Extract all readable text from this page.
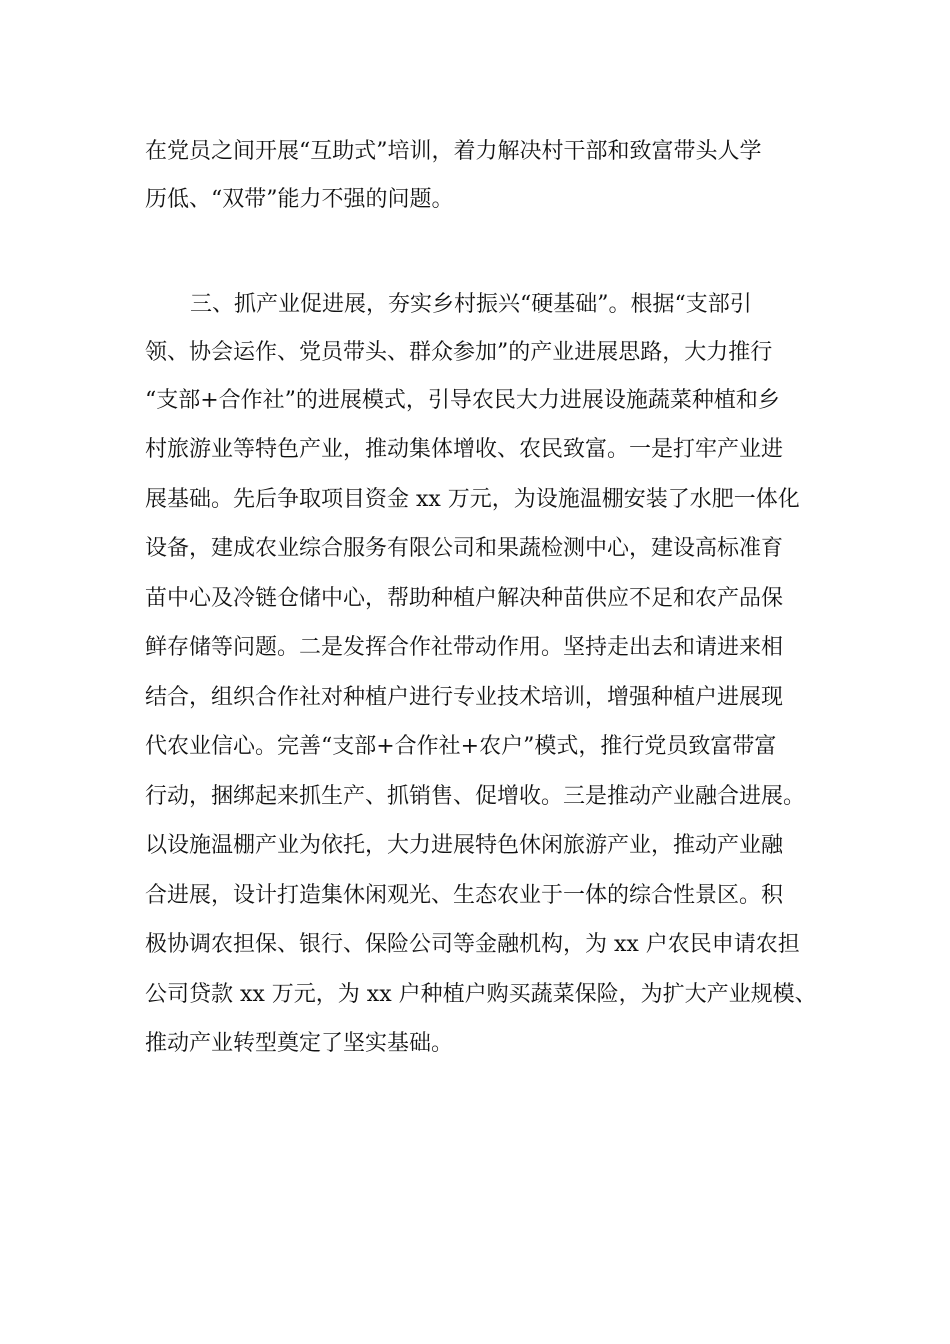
在党员之间开展“互助式”培训，着力解决村干部和致富带头人学

历低、“双带”能力不强的问题。

三、抓产业促进展，夯实乡村振兴“硬基础”。根据“支部引

领、协会运作、党员带头、群众参加”的产业进展思路，大力推行

“支部+合作社”的进展模式，引导农民大力进展设施蔬菜种植和乡

村旅游业等特色产业，推动集体增收、农民致富。一是打牢产业进

展基础。先后争取项目资金 xx 万元，为设施温棚安装了水肥一体化

设备，建成农业综合服务有限公司和果蔬检测中心，建设高标准育

苗中心及冷链仓储中心，帮助种植户解决种苗供应不足和农产品保

鲜存储等问题。二是发挥合作社带动作用。坚持走出去和请进来相

结合，组织合作社对种植户进行专业技术培训，增强种植户进展现

代农业信心。完善“支部+合作社+农户”模式，推行党员致富带富

行动，捆绑起来抓生产、抓销售、促增收。三是推动产业融合进展。

以设施温棚产业为依托，大力进展特色休闲旅游产业，推动产业融

合进展，设计打造集休闲观光、生态农业于一体的综合性景区。积

极协调农担保、银行、保险公司等金融机构，为 xx 户农民申请农担

公司贷款 xx 万元，为 xx 户种植户购买蔬菜保险，为扩大产业规模、

推动产业转型奠定了坚实基础。
